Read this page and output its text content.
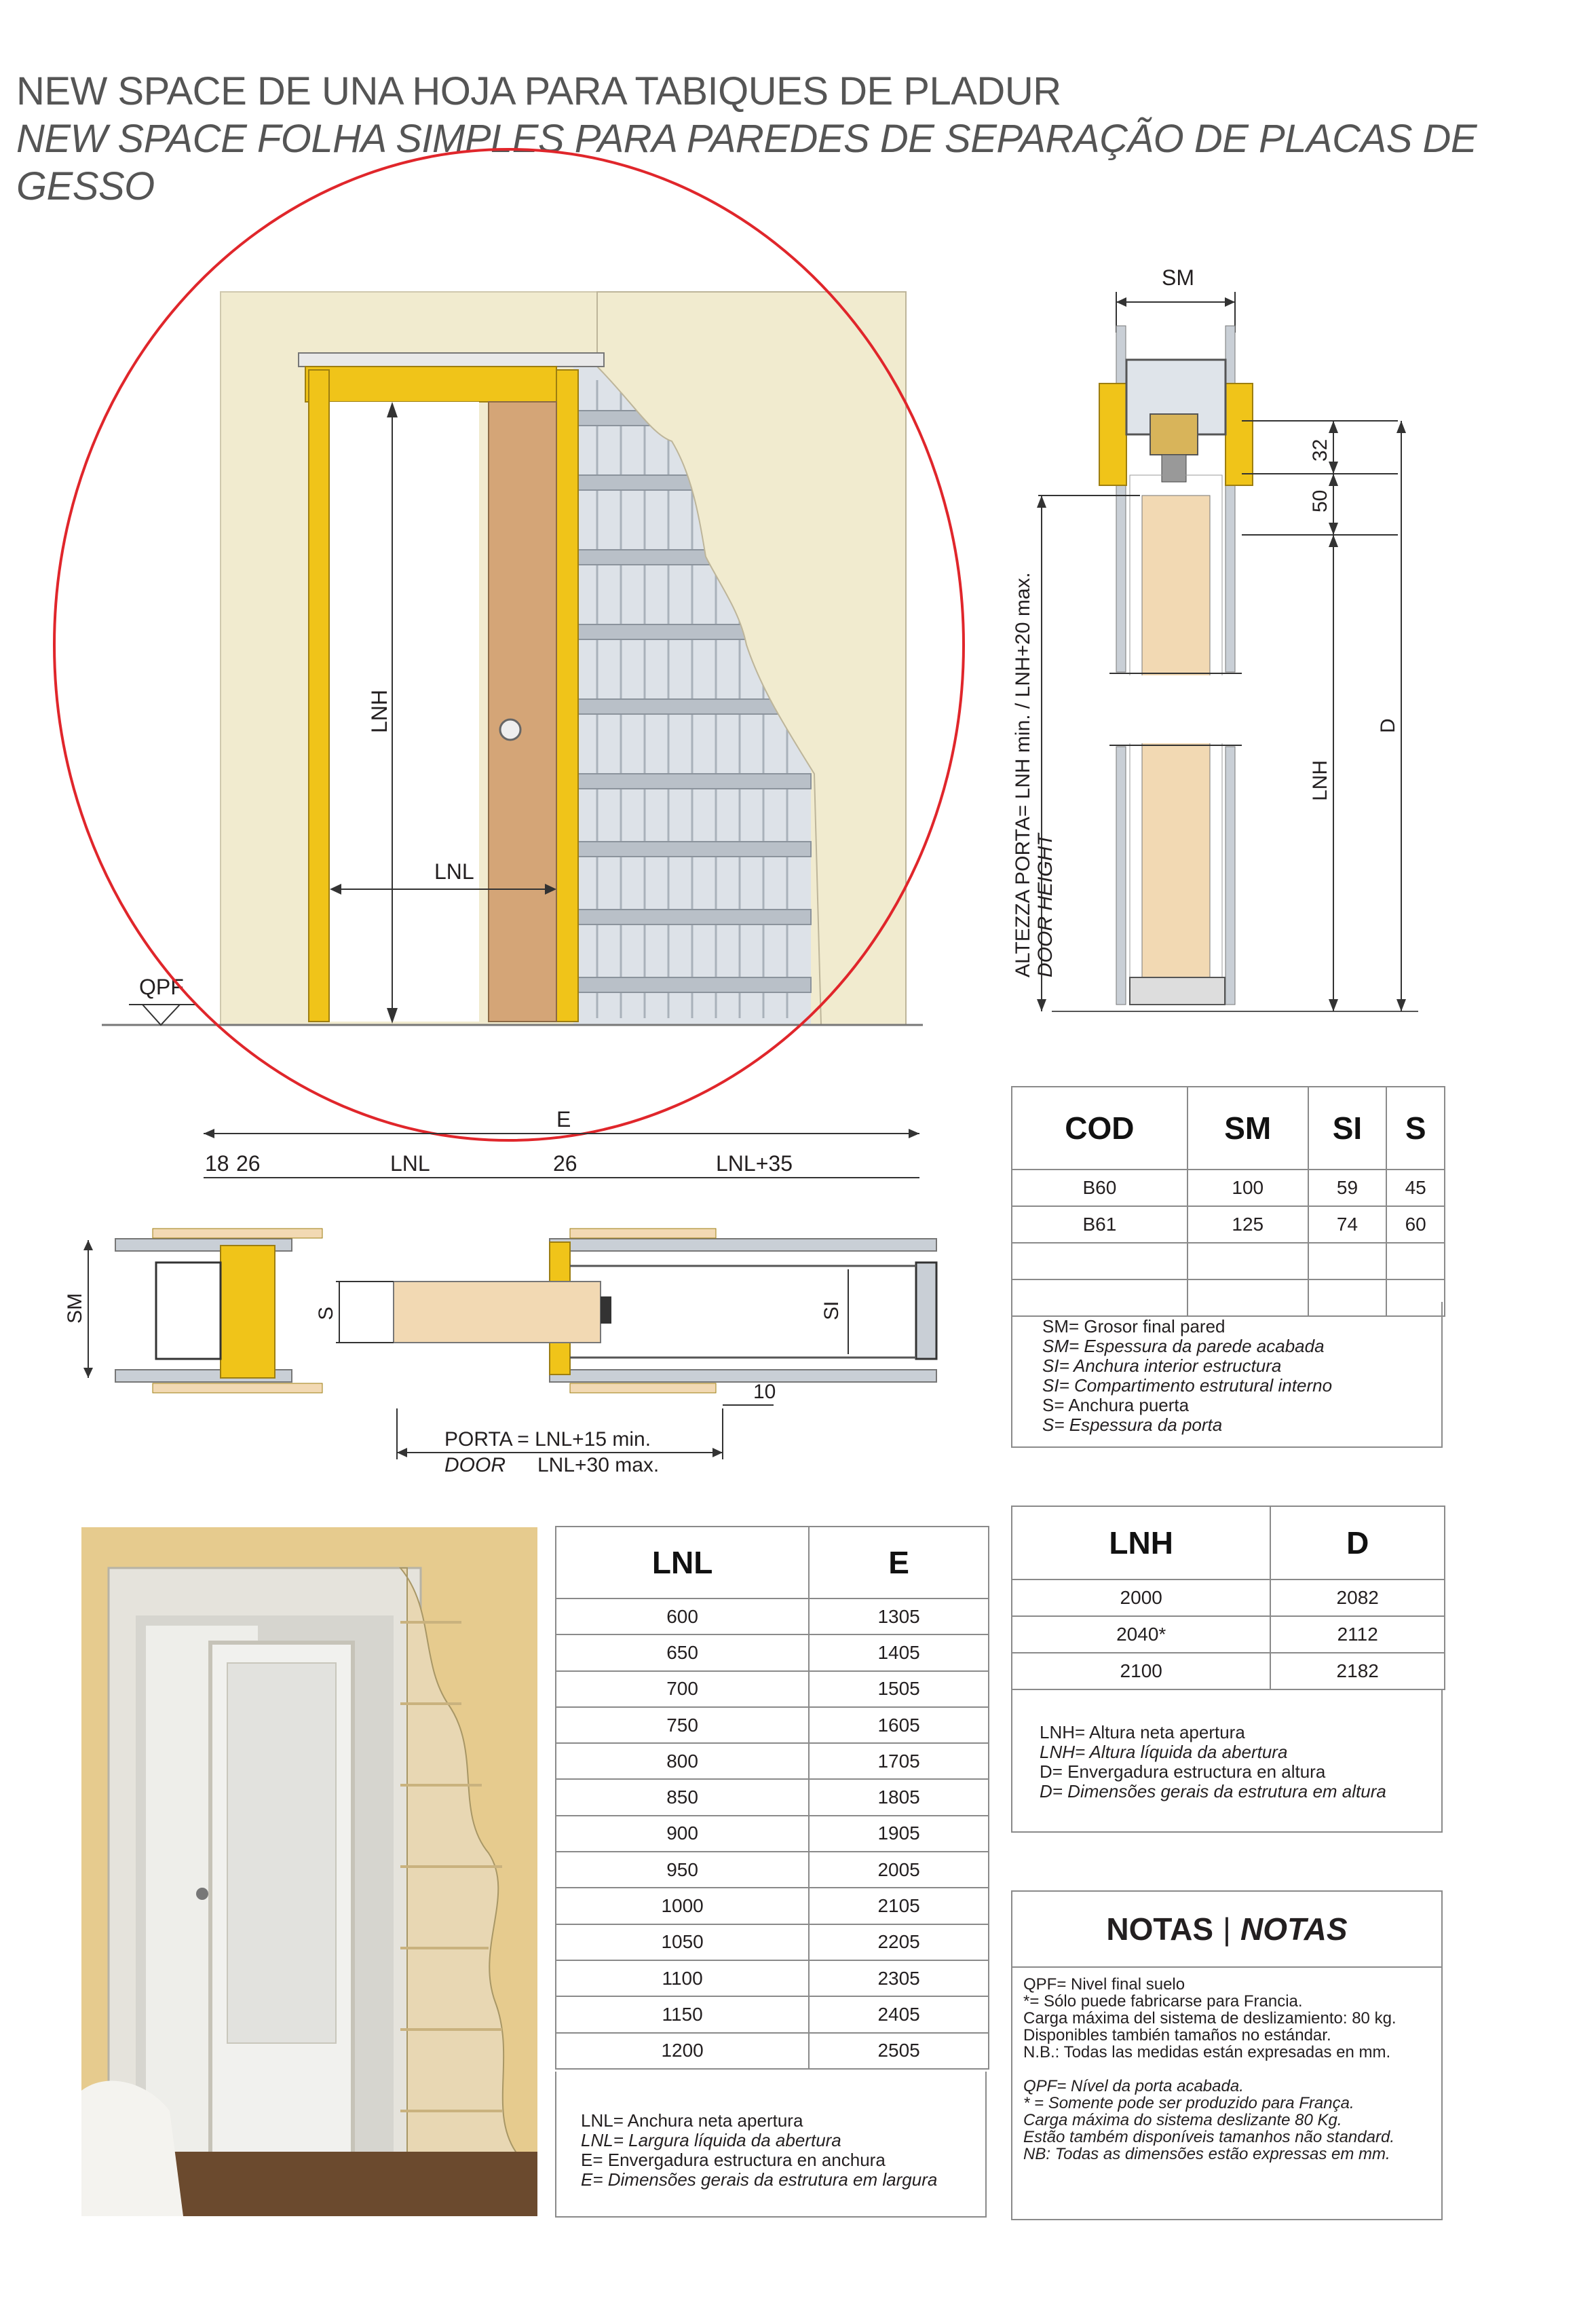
NEW SPACE DE UNA HOJA PARA TABIQUES DE PLADUR
NEW SPACE FOLHA SIMPLES PARA PAREDES DE SEPARAÇÃO DE PLACAS DE GESSO
QPF
LNH
LNL
SM
32
50
LNH
D
ALTEZZA PORTA= LNH min. / LNH+20 max. DOOR HEIGHT
E
18 26	LNL	26	LNL+35
SM	S	SI
10
PORTA = LNL+15 min.
DOOR LNL+30 max.
COD	SM	SI	S
B60	100	59	45
B61	125	74	60

SM= Grosor final pared

SM= Espessura da parede acabada

SI= Anchura interior estructura

SI= Compartimento estrutural interno

S= Anchura puerta

S= Espessura da porta

LNL	E
600	1305
650	1405
700	1505
750	1605
800	1705
850	1805
900	1905
950	2005
1000	2105
1050	2205
1100	2305
1150	2405
1200	2505

LNL= Anchura neta apertura

LNL= Largura líquida da abertura

E= Envergadura estructura en anchura

E= Dimensões gerais da estrutura em largura

LNH	D
2000	2082
2040*	2112
2100	2182

LNH= Altura neta apertura

LNH= Altura líquida da abertura

D= Envergadura estructura en altura

D= Dimensões gerais da estrutura em altura

NOTAS | NOTAS

QPF= Nivel final suelo

*= Sólo puede fabricarse para Francia.

Carga máxima del sistema de deslizamiento: 80 kg.

Disponibles también tamaños no estándar.

N.B.: Todas las medidas están expresadas en mm.

QPF= Nível da porta acabada.

* = Somente pode ser produzido para França.

Carga máxima do sistema deslizante 80 Kg.

Estão também disponíveis tamanhos não standard.

NB: Todas as dimensões estão expressas em mm.
